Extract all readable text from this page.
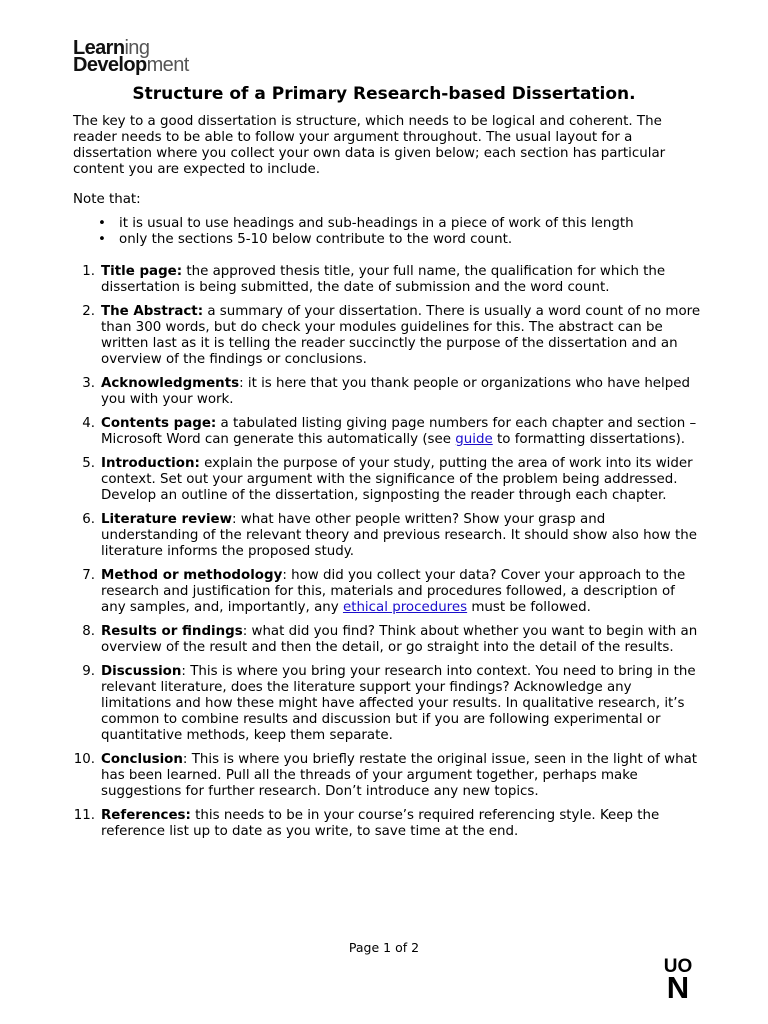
Learning
Development
Structure of a Primary Research-based Dissertation.

The key to a good dissertation is structure, which needs to be logical and coherent. The reader needs to be able to follow your argument throughout. The usual layout for a dissertation where you collect your own data is given below; each section has particular content you are expected to include.

Note that:
• it is usual to use headings and sub-headings in a piece of work of this length
• only the sections 5-10 below contribute to the word count.
1. Title page: the approved thesis title, your full name, the qualification for which the dissertation is being submitted, the date of submission and the word count.
2. The Abstract: a summary of your dissertation. There is usually a word count of no more than 300 words, but do check your modules guidelines for this. The abstract can be written last as it is telling the reader succinctly the purpose of the dissertation and an overview of the findings or conclusions.
3. Acknowledgments: it is here that you thank people or organizations who have helped you with your work.
4. Contents page: a tabulated listing giving page numbers for each chapter and section – Microsoft Word can generate this automatically (see guide to formatting dissertations).
5. Introduction: explain the purpose of your study, putting the area of work into its wider context. Set out your argument with the significance of the problem being addressed. Develop an outline of the dissertation, signposting the reader through each chapter.
6. Literature review: what have other people written? Show your grasp and understanding of the relevant theory and previous research. It should show also how the literature informs the proposed study.
7. Method or methodology: how did you collect your data? Cover your approach to the research and justification for this, materials and procedures followed, a description of any samples, and, importantly, any ethical procedures must be followed.
8. Results or findings: what did you find? Think about whether you want to begin with an overview of the result and then the detail, or go straight into the detail of the results.
9. Discussion: This is where you bring your research into context. You need to bring in the relevant literature, does the literature support your findings? Acknowledge any limitations and how these might have affected your results. In qualitative research, it’s common to combine results and discussion but if you are following experimental or quantitative methods, keep them separate.
10. Conclusion: This is where you briefly restate the original issue, seen in the light of what has been learned. Pull all the threads of your argument together, perhaps make suggestions for further research. Don’t introduce any new topics.
11. References: this needs to be in your course’s required referencing style. Keep the reference list up to date as you write, to save time at the end.
Page 1 of 2
UO
N
